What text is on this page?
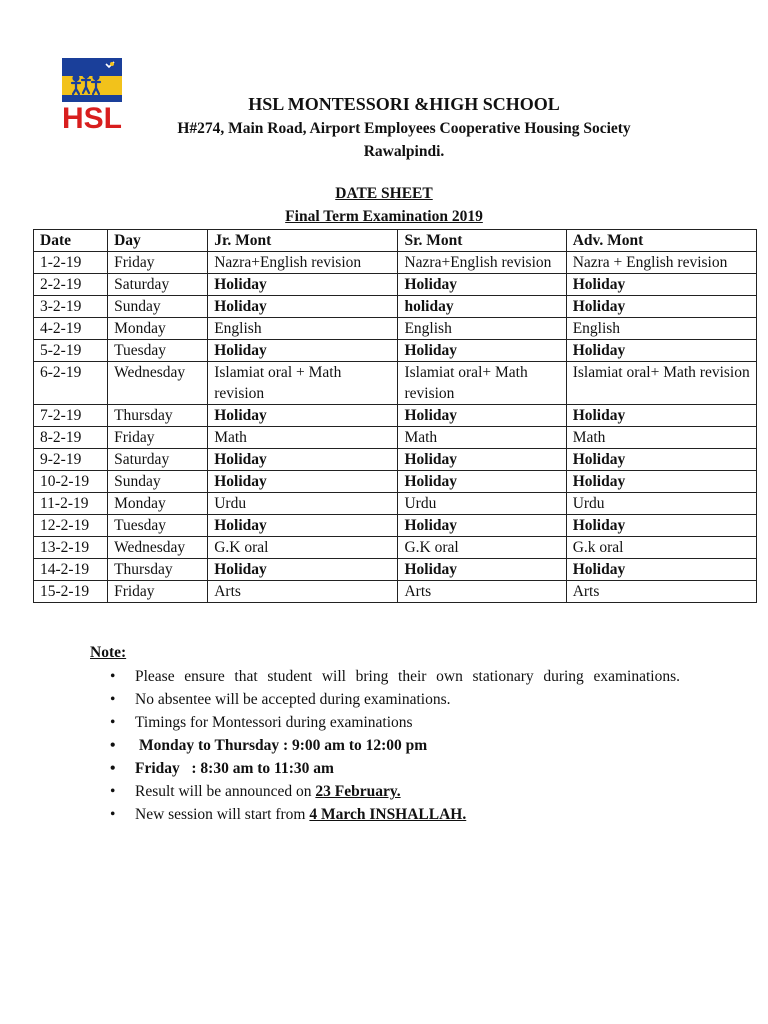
HSL	HSL MONTESSORI &HIGH SCHOOL
H#274, Main Road, Airport Employees Cooperative Housing Society
Rawalpindi.
DATE SHEET
Final Term Examination 2019
Date	Day	Jr. Mont	Sr. Mont	Adv. Mont
1-2-19	Friday	Nazra+English revision	Nazra+English revision	Nazra + English revision
2-2-19	Saturday	Holiday	Holiday	Holiday
3-2-19	Sunday	Holiday	holiday	Holiday
4-2-19	Monday	English	English	English
5-2-19	Tuesday	Holiday	Holiday	Holiday
6-2-19	Wednesday	Islamiat oral + Math revision	Islamiat oral+ Math revision	Islamiat oral+ Math revision
7-2-19	Thursday	Holiday	Holiday	Holiday
8-2-19	Friday	Math	Math	Math
9-2-19	Saturday	Holiday	Holiday	Holiday
10-2-19	Sunday	Holiday	Holiday	Holiday
11-2-19	Monday	Urdu	Urdu	Urdu
12-2-19	Tuesday	Holiday	Holiday	Holiday
13-2-19	Wednesday	G.K oral	G.K oral	G.k oral
14-2-19	Thursday	Holiday	Holiday	Holiday
15-2-19	Friday	Arts	Arts	Arts
Note:
• Please ensure that student will bring their own stationary during examinations.
• No absentee will be accepted during examinations.
• Timings for Montessori during examinations
• Monday to Thursday : 9:00 am to 12:00 pm
• Friday   : 8:30 am to 11:30 am
• Result will be announced on 23 February.
• New session will start from 4 March INSHALLAH.
